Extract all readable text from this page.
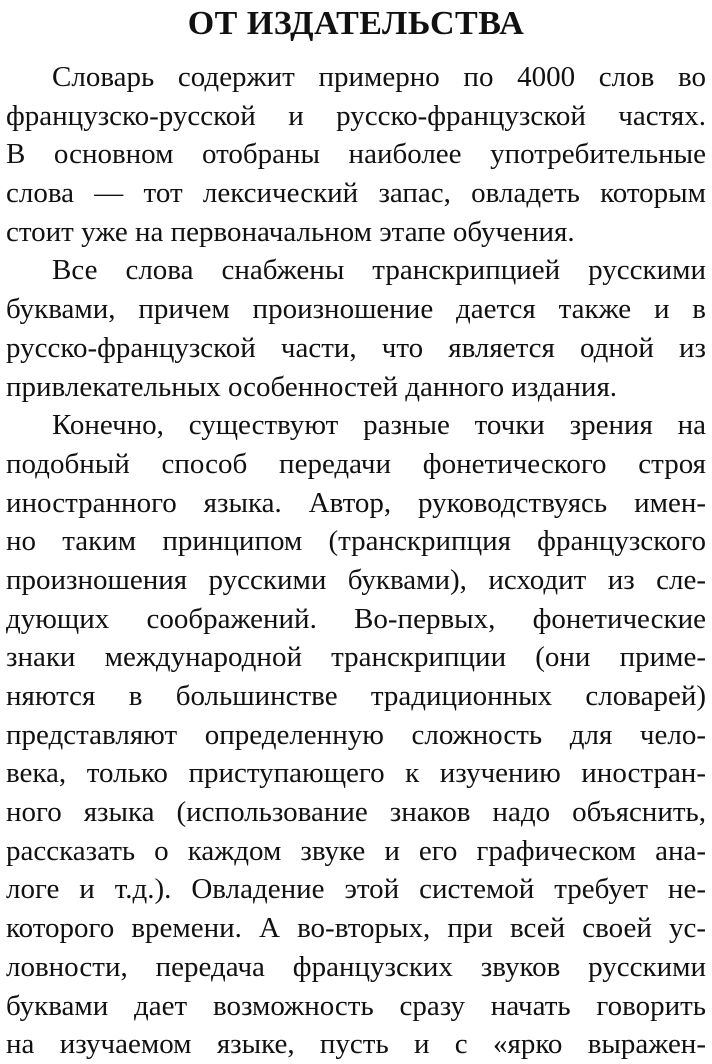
ОТ ИЗДАТЕЛЬСТВА

Словарь содержит примерно по 4000 слов во

французско-русской и русско-французской частях.

В основном отобраны наиболее употребительные

слова — тот лексический запас, овладеть которым

стоит уже на первоначальном этапе обучения.

Все слова снабжены транскрипцией русскими

буквами, причем произношение дается также и в

русско-французской части, что является одной из

привлекательных особенностей данного издания.

Конечно, существуют разные точки зрения на

подобный способ передачи фонетического строя

иностранного языка. Автор, руководствуясь имен-

но таким принципом (транскрипция французского

произношения русскими буквами), исходит из сле-

дующих соображений. Во-первых, фонетические

знаки международной транскрипции (они приме-

няются в большинстве традиционных словарей)

представляют определенную сложность для чело-

века, только приступающего к изучению иностран-

ного языка (использование знаков надо объяснить,

рассказать о каждом звуке и его графическом ана-

логе и т.д.). Овладение этой системой требует не-

которого времени. А во-вторых, при всей своей ус-

ловности, передача французских звуков русскими

буквами дает возможность сразу начать говорить

на изучаемом языке, пусть и с «ярко выражен-
